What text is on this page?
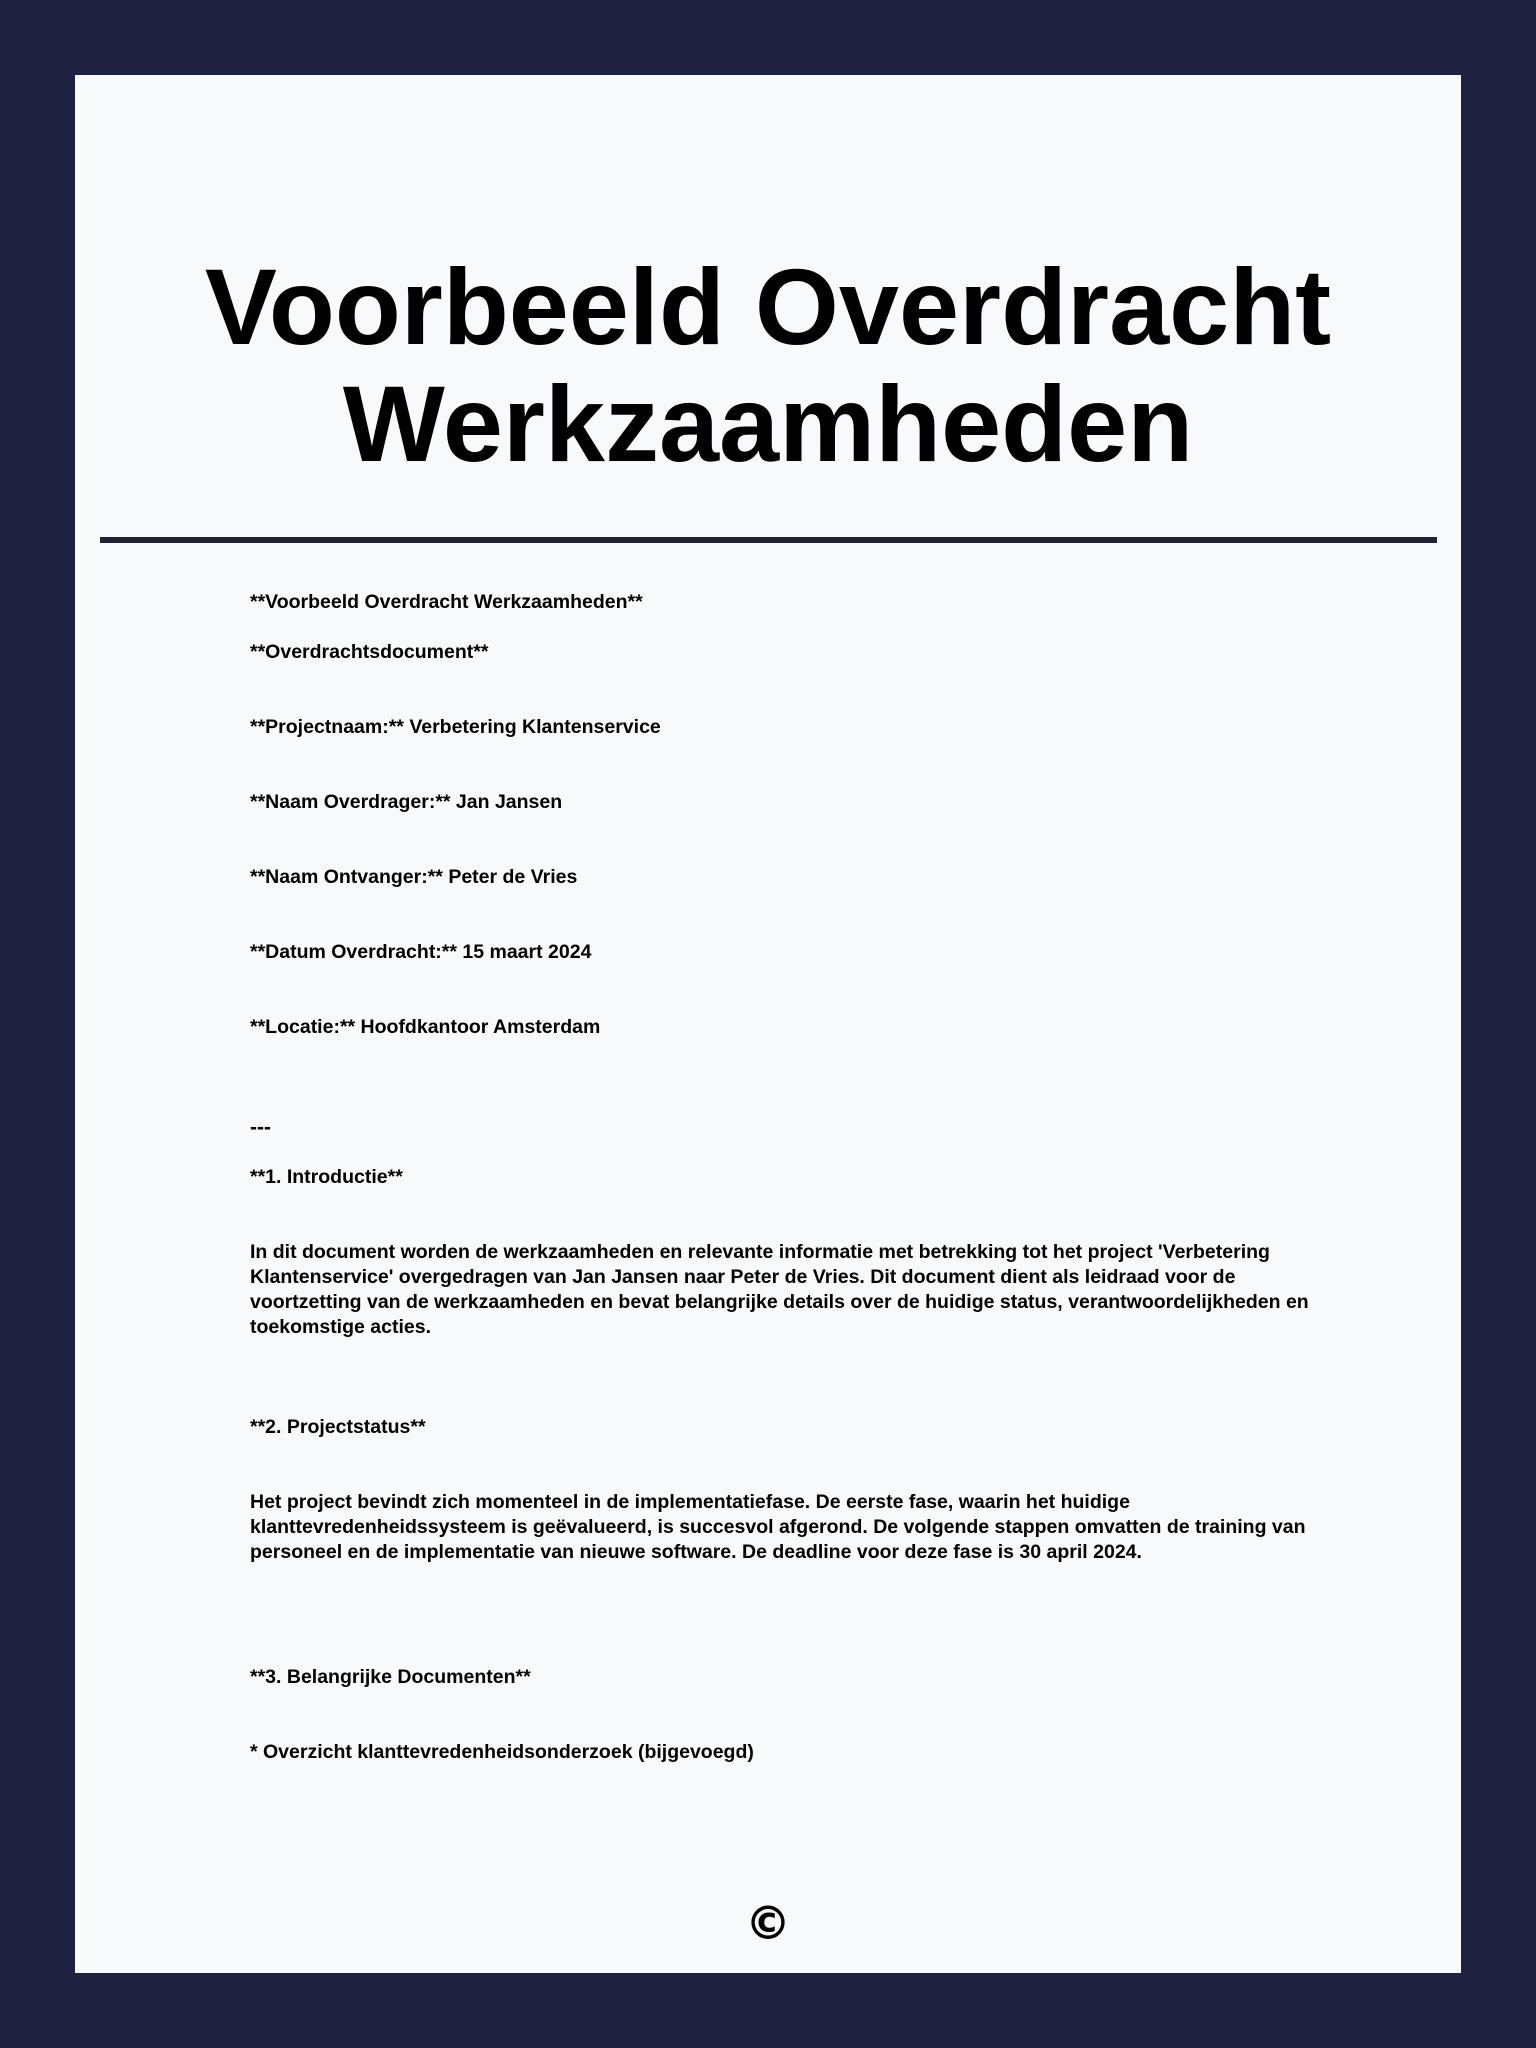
Voorbeeld Overdracht Werkzaamheden

**Voorbeeld Overdracht Werkzaamheden**

**Overdrachtsdocument**

**Projectnaam:** Verbetering Klantenservice

**Naam Overdrager:** Jan Jansen

**Naam Ontvanger:** Peter de Vries

**Datum Overdracht:** 15 maart 2024

**Locatie:** Hoofdkantoor Amsterdam

---

**1. Introductie**

In dit document worden de werkzaamheden en relevante informatie met betrekking tot het project 'Verbetering Klantenservice' overgedragen van Jan Jansen naar Peter de Vries. Dit document dient als leidraad voor de voortzetting van de werkzaamheden en bevat belangrijke details over de huidige status, verantwoordelijkheden en toekomstige acties.

**2. Projectstatus**

Het project bevindt zich momenteel in de implementatiefase. De eerste fase, waarin het huidige klanttevredenheidssysteem is geëvalueerd, is succesvol afgerond. De volgende stappen omvatten de training van personeel en de implementatie van nieuwe software. De deadline voor deze fase is 30 april 2024.

**3. Belangrijke Documenten**

* Overzicht klanttevredenheidsonderzoek (bijgevoegd)

©
